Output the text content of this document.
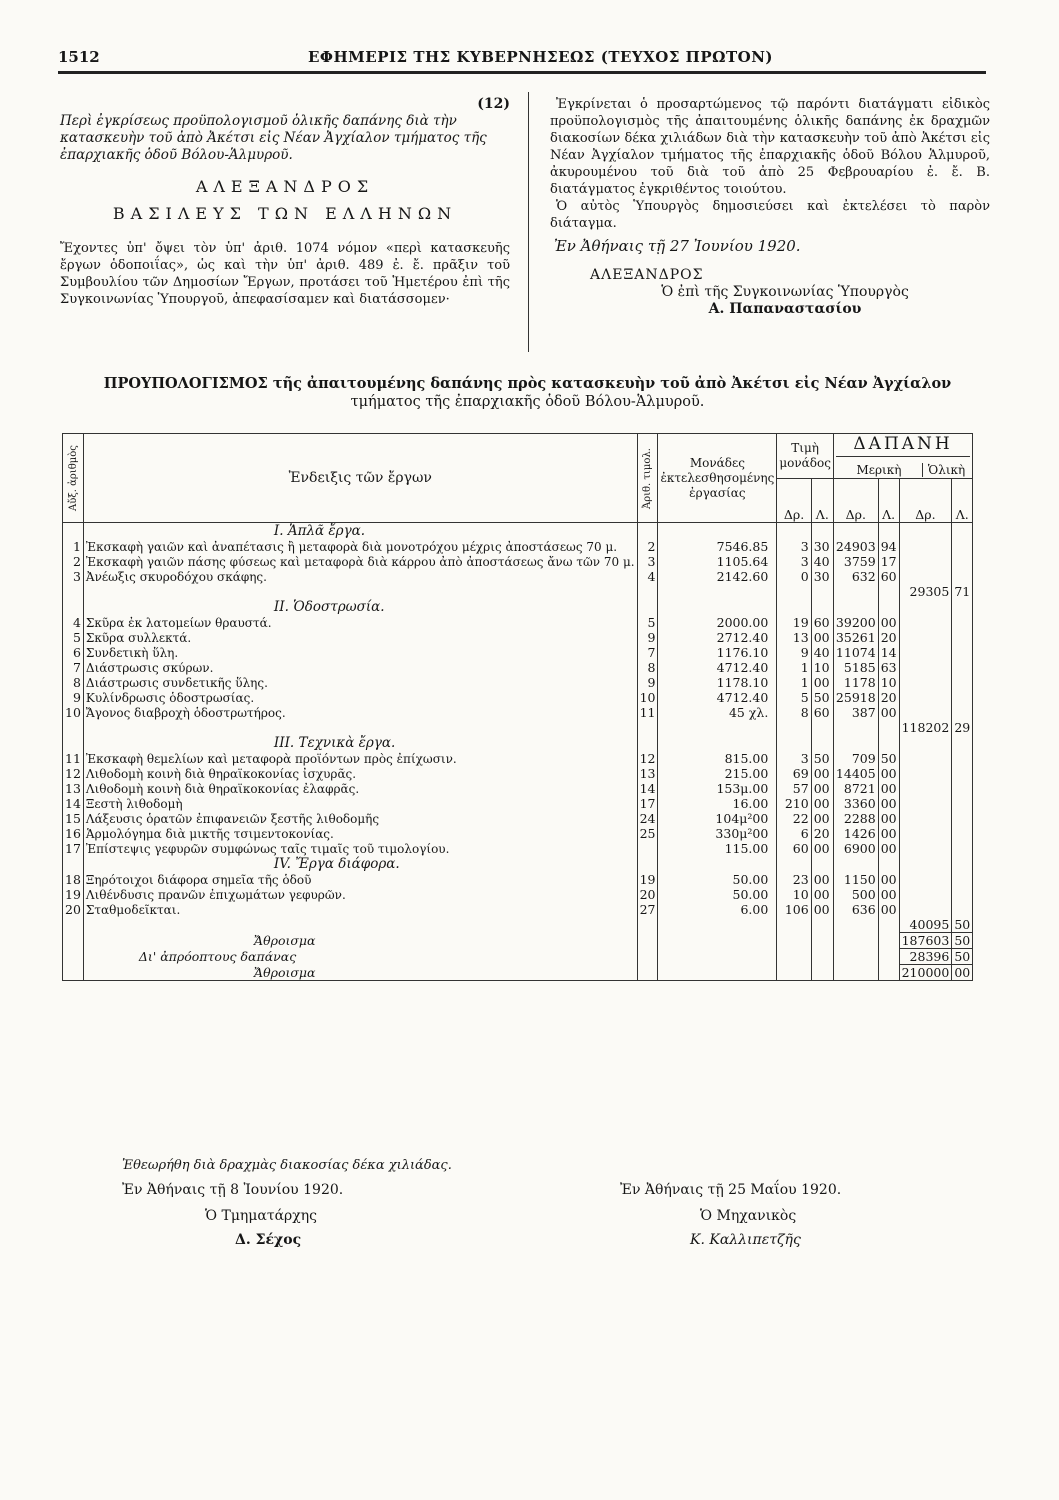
1512	ΕΦΗΜΕΡΙΣ ΤΗΣ ΚΥΒΕΡΝΗΣΕΩΣ (ΤΕΥΧΟΣ ΠΡΩΤΟΝ)
(12)
Περὶ ἐγκρίσεως προϋπολογισμοῦ ὁλικῆς δαπάνης διὰ τὴν κατασκευὴν τοῦ ἀπὸ Ἀκέτσι εἰς Νέαν Ἀγχίαλον τμήματος τῆς ἐπαρχιακῆς ὁδοῦ Βόλου-Ἁλμυροῦ.
ΑΛΕΞΑΝΔΡΟΣ
ΒΑΣΙΛΕΥΣ ΤΩΝ ΕΛΛΗΝΩΝ
Ἔχοντες ὑπ' ὄψει τὸν ὑπ' ἀριθ. 1074 νόμον «περὶ κατασκευῆς ἔργων ὁδοποιΐας», ὡς καὶ τὴν ὑπ' ἀριθ. 489 ἐ. ἔ. πρᾶξιν τοῦ Συμβουλίου τῶν Δημοσίων Ἔργων, προτάσει τοῦ Ἡμετέρου ἐπὶ τῆς Συγκοινωνίας Ὑπουργοῦ, ἀπεφασίσαμεν καὶ διατάσσομεν·
Ἐγκρίνεται ὁ προσαρτώμενος τῷ παρόντι διατάγματι εἰδικὸς προϋπολογισμὸς τῆς ἀπαιτουμένης ὁλικῆς δαπάνης ἐκ δραχμῶν διακοσίων δέκα χιλιάδων διὰ τὴν κατασκευὴν τοῦ ἀπὸ Ἀκέτσι εἰς Νέαν Ἀγχίαλον τμήματος τῆς ἐπαρχιακῆς ὁδοῦ Βόλου Ἁλμυροῦ, ἀκυρουμένου τοῦ διὰ τοῦ ἀπὸ 25 Φεβρουαρίου ἐ. ἔ. Β. διατάγματος ἐγκριθέντος τοιούτου.
Ὁ αὐτὸς Ὑπουργὸς δημοσιεύσει καὶ ἐκτελέσει τὸ παρὸν διάταγμα.
Ἐν Ἀθήναις τῇ 27 Ἰουνίου 1920.
ΑΛΕΞΑΝΔΡΟΣ
Ὁ ἐπὶ τῆς Συγκοινωνίας Ὑπουργὸς
Α. Παπαναστασίου
ΠΡΟΥΠΟΛΟΓΙΣΜΟΣ τῆς ἀπαιτουμένης δαπάνης πρὸς κατασκευὴν τοῦ ἀπὸ Ἀκέτσι εἰς Νέαν Ἀγχίαλον
τμήματος τῆς ἐπαρχιακῆς ὁδοῦ Βόλου-Ἁλμυροῦ.
Αὔξ. ἀριθμὸς	Ἐνδειξις τῶν ἔργων	Ἀριθ. τιμολ.	Μονάδες ἐκτελεσθησομένης ἐργασίας	Τιμὴ μονάδος		ΔΑΠΑΝΗ
Μερικὴ Ὁλικὴ			

				Δρ.	Λ.	Δρ.	Λ.	Δρ.	Λ.
	I. Ἁπλᾶ ἔργα.								
1	Ἐκσκαφὴ γαιῶν καὶ ἀναπέτασις ἢ μεταφορὰ διὰ μονοτρόχου μέχρις ἀποστάσεως 70 μ.	2	7546.85	3	30	24903	94		
2	Ἐκσκαφὴ γαιῶν πάσης φύσεως καὶ μεταφορὰ διὰ κάρρου ἀπὸ ἀποστάσεως ἄνω τῶν 70 μ.	3	1105.64	3	40	3759	17		
3	Ἀνέωξις σκυροδόχου σκάφης.	4	2142.60	0	30	632	60		
								29305	71
	II. Ὁδοστρωσία.								
4	Σκῦρα ἐκ λατομείων θραυστά.	5	2000.00	19	60	39200	00		
5	Σκῦρα συλλεκτά.	9	2712.40	13	00	35261	20		
6	Συνδετικὴ ὕλη.	7	1176.10	9	40	11074	14		
7	Διάστρωσις σκύρων.	8	4712.40	1	10	5185	63		
8	Διάστρωσις συνδετικῆς ὕλης.	9	1178.10	1	00	1178	10		
9	Κυλίνδρωσις ὁδοστρωσίας.	10	4712.40	5	50	25918	20		
10	Ἄγονος διαβροχὴ ὁδοστρωτήρος.	11	45 χλ.	8	60	387	00		
								118202	29
	III. Τεχνικὰ ἔργα.								
11	Ἐκσκαφὴ θεμελίων καὶ μεταφορὰ προϊόντων πρὸς ἐπίχωσιν.	12	815.00	3	50	709	50		
12	Λιθοδομὴ κοινὴ διὰ θηραϊκοκονίας ἰσχυρᾶς.	13	215.00	69	00	14405	00		
13	Λιθοδομὴ κοινὴ διὰ θηραϊκοκονίας ἐλαφρᾶς.	14	153μ.00	57	00	8721	00		
14	Ξεστὴ λιθοδομὴ	17	16.00	210	00	3360	00		
15	Λάξευσις ὁρατῶν ἐπιφανειῶν ξεστῆς λιθοδομῆς	24	104μ²00	22	00	2288	00		
16	Ἁρμολόγημα διὰ μικτῆς τσιμεντοκονίας.	25	330μ²00	6	20	1426	00		
17	Ἐπίστεψις γεφυρῶν συμφώνως ταῖς τιμαῖς τοῦ τιμολογίου.		115.00	60	00	6900	00		
	IV. Ἔργα διάφορα.								
18	Ξηρότοιχοι διάφορα σημεῖα τῆς ὁδοῦ	19	50.00	23	00	1150	00		
19	Λιθένδυσις πρανῶν ἐπιχωμάτων γεφυρῶν.	20	50.00	10	00	500	00		
20	Σταθμοδεῖκται.	27	6.00	106	00	636	00		
								40095	50
	Ἄθροισμα							187603	50
	Δι' ἀπρόοπτους δαπάνας							28396	50
	Ἄθροισμα							210000	00
Ἐθεωρήθη διὰ δραχμὰς διακοσίας δέκα χιλιάδας.
Ἐν Ἀθήναις τῇ 8 Ἰουνίου 1920.
Ὁ Τμηματάρχης
Δ. Σέχος
Ἐν Ἀθήναις τῇ 25 Μαΐου 1920.
Ὁ Μηχανικὸς
Κ. Καλλιπετζῆς
